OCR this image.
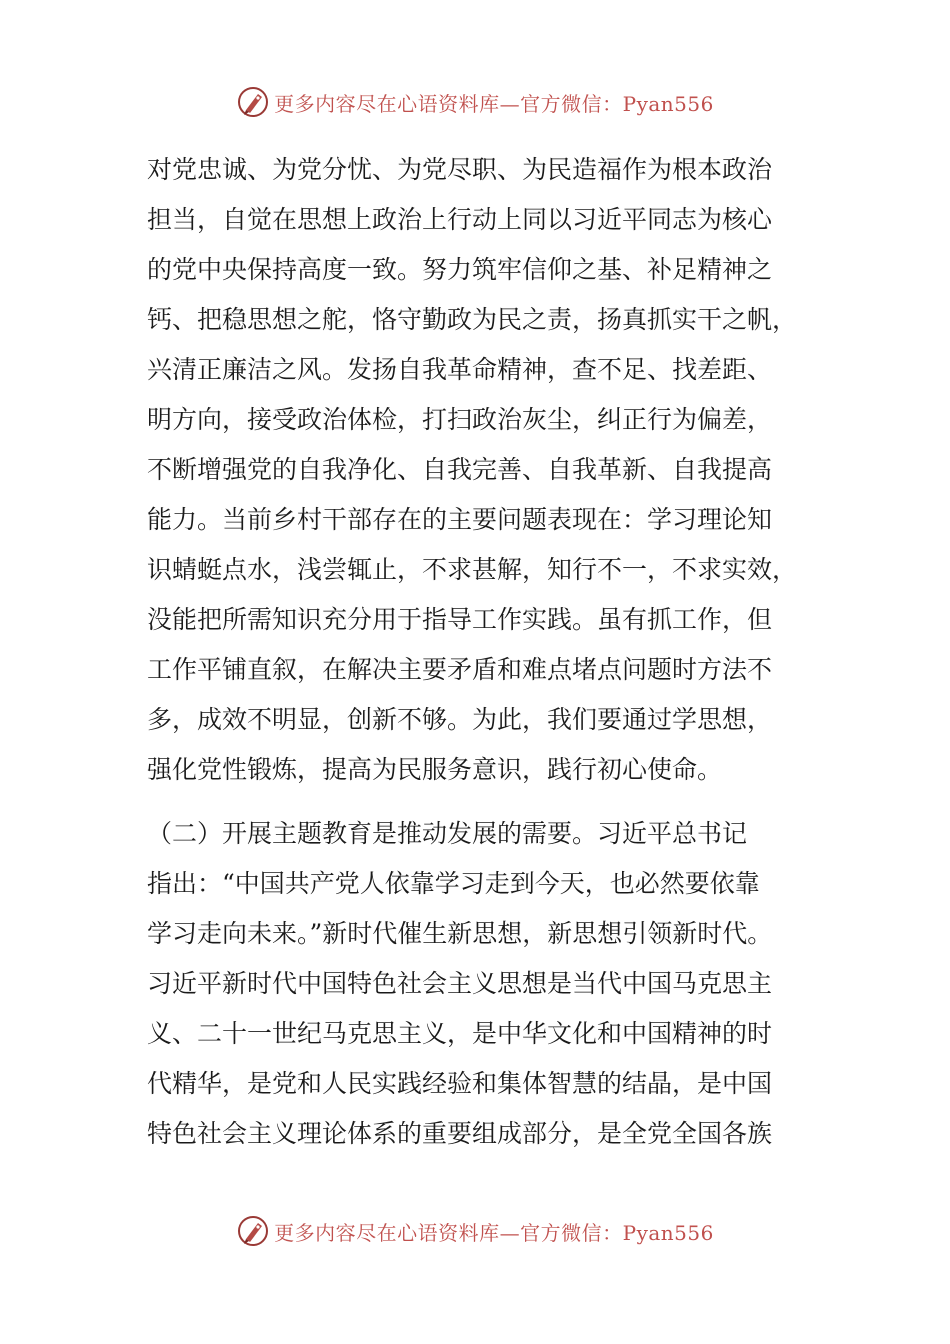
更多内容尽在心语资料库—官方微信：Pyan556
对党忠诚、为党分忧、为党尽职、为民造福作为根本政治
担当，自觉在思想上政治上行动上同以习近平同志为核心
的党中央保持高度一致。努力筑牢信仰之基、补足精神之
钙、把稳思想之舵，恪守勤政为民之责，扬真抓实干之帆，
兴清正廉洁之风。发扬自我革命精神，查不足、找差距、
明方向，接受政治体检，打扫政治灰尘，纠正行为偏差，
不断增强党的自我净化、自我完善、自我革新、自我提高
能力。当前乡村干部存在的主要问题表现在：学习理论知
识蜻蜓点水，浅尝辄止，不求甚解，知行不一，不求实效，
没能把所需知识充分用于指导工作实践。虽有抓工作，但
工作平铺直叙，在解决主要矛盾和难点堵点问题时方法不
多，成效不明显，创新不够。为此，我们要通过学思想，
强化党性锻炼，提高为民服务意识，践行初心使命。
（二）开展主题教育是推动发展的需要。习近平总书记
指出：“中国共产党人依靠学习走到今天，也必然要依靠
学习走向未来。”新时代催生新思想，新思想引领新时代。
习近平新时代中国特色社会主义思想是当代中国马克思主
义、二十一世纪马克思主义，是中华文化和中国精神的时
代精华，是党和人民实践经验和集体智慧的结晶，是中国
特色社会主义理论体系的重要组成部分，是全党全国各族
更多内容尽在心语资料库—官方微信：Pyan556
